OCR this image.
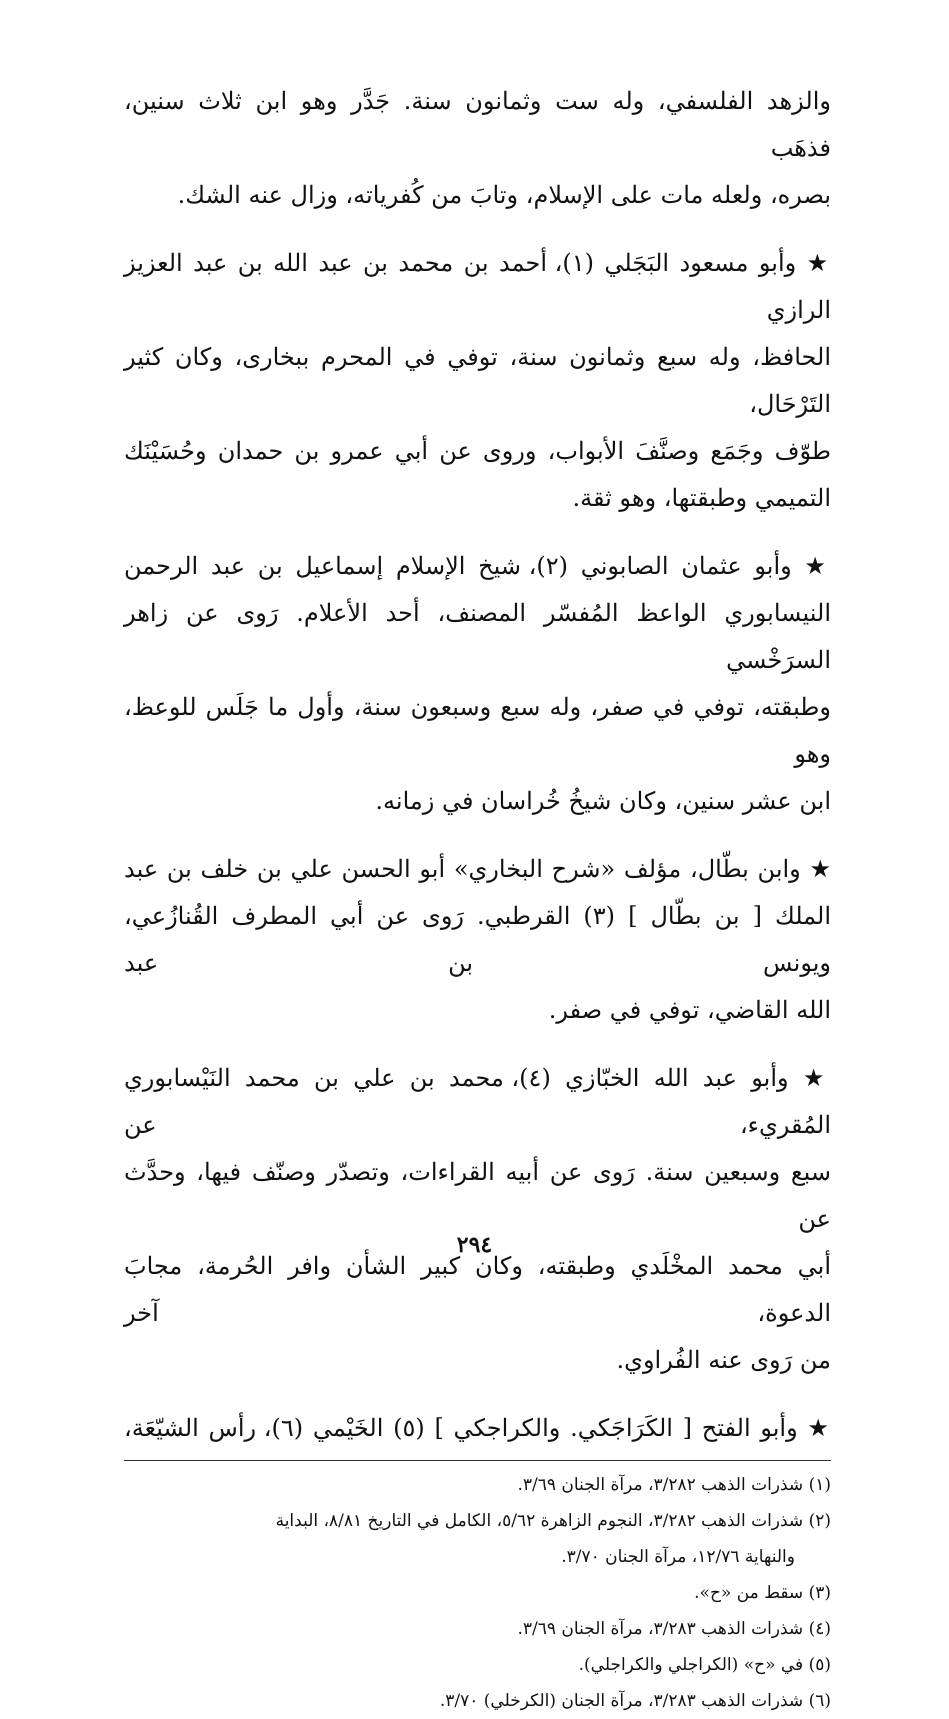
والزهد الفلسفي، وله ست وثمانون سنة. جَدَّر وهو ابن ثلاث سنين، فذهَب
بصره، ولعله مات على الإسلام، وتابَ من كُفرياته، وزال عنه الشك.
★ وأبو مسعود البَجَلي (١)، أحمد بن محمد بن عبد الله بن عبد العزيز الرازي
الحافظ، وله سبع وثمانون سنة، توفي في المحرم ببخارى، وكان كثير التَرْحَال،
طوّف وجَمَع وصنَّفَ الأبواب، وروى عن أبي عمرو بن حمدان وحُسَيْنَك
التميمي وطبقتها، وهو ثقة.
★ وأبو عثمان الصابوني (٢)، شيخ الإسلام إسماعيل بن عبد الرحمن
النيسابوري الواعظ المُفسّر المصنف، أحد الأعلام. رَوى عن زاهر السرَخْسي
وطبقته، توفي في صفر، وله سبع وسبعون سنة، وأول ما جَلَس للوعظ، وهو
ابن عشر سنين، وكان شيخُ خُراسان في زمانه.
★ وابن بطّال، مؤلف «شرح البخاري» أبو الحسن علي بن خلف بن عبد
الملك [ بن بطّال ] (٣) القرطبي. رَوى عن أبي المطرف القُنازُعي، ويونس بن عبد
الله القاضي، توفي في صفر.
★ وأبو عبد الله الخبّازي (٤)، محمد بن علي بن محمد النَيْسابوري المُقريء، عن
سبع وسبعين سنة. رَوى عن أبيه القراءات، وتصدّر وصنّف فيها، وحدَّث عن
أبي محمد المخْلَدي وطبقته، وكان كبير الشأن وافر الحُرمة، مجابَ الدعوة، آخر
من رَوى عنه الفُراوي.
★ وأبو الفتح [ الكَرَاجَكي. والكراجكي ] (٥) الخَيْمي (٦)، رأس الشيّعَة،
(١) شذرات الذهب ٣/٢٨٢، مرآة الجنان ٣/٦٩.
(٢) شذرات الذهب ٣/٢٨٢، النجوم الزاهرة ٥/٦٢، الكامل في التاريخ ٨/٨١، البداية
والنهاية ١٢/٧٦، مرآة الجنان ٣/٧٠.
(٣) سقط من «ح».
(٤) شذرات الذهب ٣/٢٨٣، مرآة الجنان ٣/٦٩.
(٥) في «ح» (الكراجلي والكراجلي).
(٦) شذرات الذهب ٣/٢٨٣، مرآة الجنان (الكرخلي) ٣/٧٠.
٢٩٤
